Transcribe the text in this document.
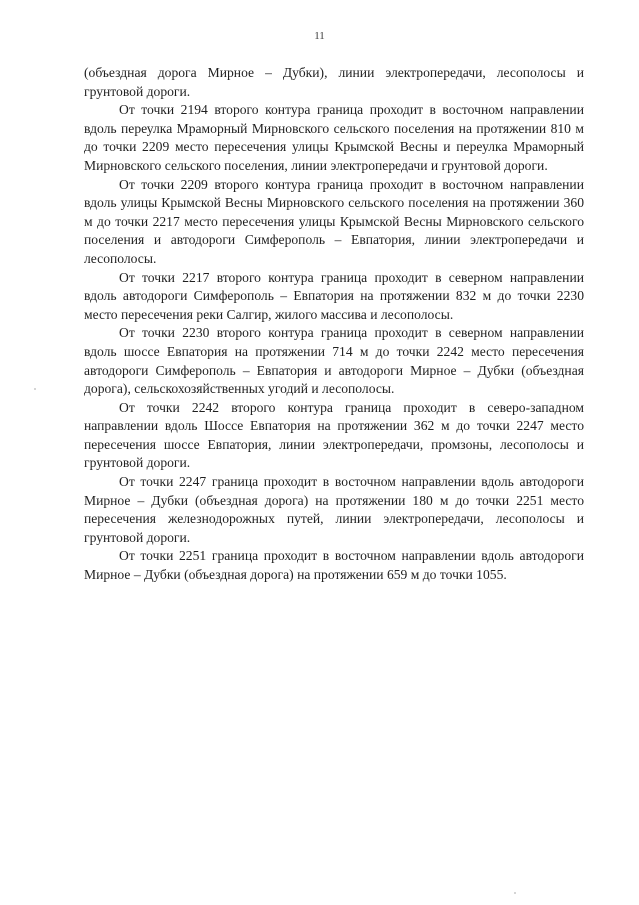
11

(объездная дорога Мирное – Дубки), линии электропередачи, лесополосы и грунтовой дороги.

От точки 2194 второго контура граница проходит в восточном направлении вдоль переулка Мраморный Мирновского сельского поселения на протяжении 810 м до точки 2209 место пересечения улицы Крымской Весны и переулка Мраморный Мирновского сельского поселения, линии электропередачи и грунтовой дороги.

От точки 2209 второго контура граница проходит в восточном направлении вдоль улицы Крымской Весны Мирновского сельского поселения на протяжении 360 м до точки 2217 место пересечения улицы Крымской Весны Мирновского сельского поселения и автодороги Симферополь – Евпатория, линии электропередачи и лесополосы.

От точки 2217 второго контура граница проходит в северном направлении вдоль автодороги Симферополь – Евпатория на протяжении 832 м до точки 2230 место пересечения реки Салгир, жилого массива и лесополосы.

От точки 2230 второго контура граница проходит в северном направлении вдоль шоссе Евпатория на протяжении 714 м до точки 2242 место пересечения автодороги Симферополь – Евпатория и автодороги Мирное – Дубки (объездная дорога), сельскохозяйственных угодий и лесополосы.

От точки 2242 второго контура граница проходит в северо-западном направлении вдоль Шоссе Евпатория на протяжении 362 м до точки 2247 место пересечения шоссе Евпатория, линии электропередачи, промзоны, лесополосы и грунтовой дороги.

От точки 2247 граница проходит в восточном направлении вдоль автодороги Мирное – Дубки (объездная дорога) на протяжении 180 м до точки 2251 место пересечения железнодорожных путей, линии электропередачи, лесополосы и грунтовой дороги.

От точки 2251 граница проходит в восточном направлении вдоль автодороги Мирное – Дубки (объездная дорога) на протяжении 659 м до точки 1055.
